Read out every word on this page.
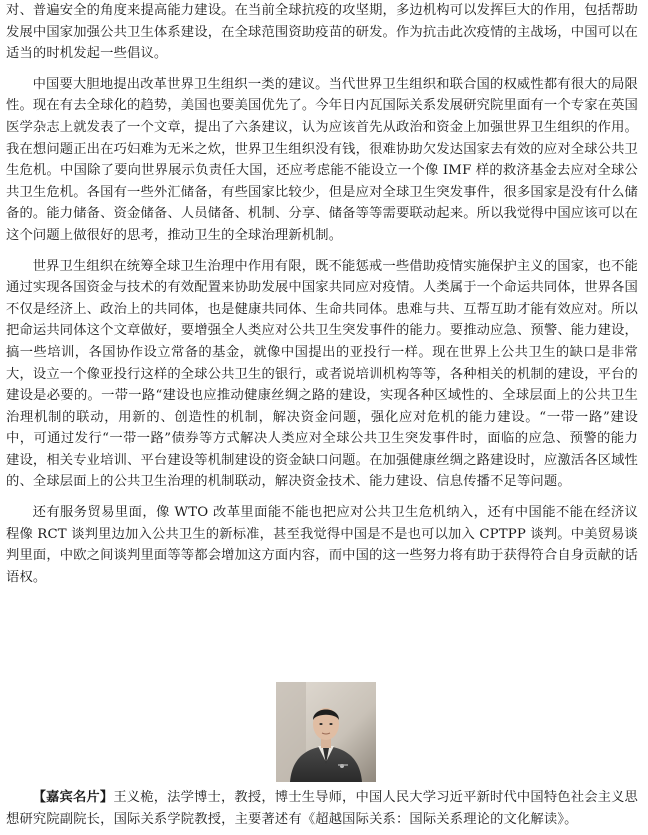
对、普遍安全的角度来提高能力建设。在当前全球抗疫的攻坚期，多边机构可以发挥巨大的作用，包括帮助发展中国家加强公共卫生体系建设，在全球范围资助疫苗的研发。作为抗击此次疫情的主战场，中国可以在适当的时机发起一些倡议。

中国要大胆地提出改革世界卫生组织一类的建议。当代世界卫生组织和联合国的权威性都有很大的局限性。现在有去全球化的趋势，美国也要美国优先了。今年日内瓦国际关系发展研究院里面有一个专家在英国医学杂志上就发表了一个文章，提出了六条建议，认为应该首先从政治和资金上加强世界卫生组织的作用。我在想问题正出在巧妇难为无米之炊，世界卫生组织没有钱，很难协助欠发达国家去有效的应对全球公共卫生危机。中国除了要向世界展示负责任大国，还应考虑能不能设立一个像 IMF 样的救济基金去应对全球公共卫生危机。各国有一些外汇储备，有些国家比较少，但是应对全球卫生突发事件，很多国家是没有什么储备的。能力储备、资金储备、人员储备、机制、分享、储备等等需要联动起来。所以我觉得中国应该可以在这个问题上做很好的思考，推动卫生的全球治理新机制。

世界卫生组织在统筹全球卫生治理中作用有限，既不能惩戒一些借助疫情实施保护主义的国家，也不能通过实现各国资金与技术的有效配置来协助发展中国家共同应对疫情。人类属于一个命运共同体，世界各国不仅是经济上、政治上的共同体，也是健康共同体、生命共同体。患难与共、互帮互助才能有效应对。所以把命运共同体这个文章做好，要增强全人类应对公共卫生突发事件的能力。要推动应急、预警、能力建设，搞一些培训，各国协作设立常备的基金，就像中国提出的亚投行一样。现在世界上公共卫生的缺口是非常大，设立一个像亚投行这样的全球公共卫生的银行，或者说培训机构等等，各种相关的机制的建设，平台的建设是必要的。一带一路“建设也应推动健康丝绸之路的建设，实现各种区域性的、全球层面上的公共卫生治理机制的联动，用新的、创造性的机制，解决资金问题，强化应对危机的能力建设。“一带一路”建设中，可通过发行“一带一路”债券等方式解决人类应对全球公共卫生突发事件时，面临的应急、预警的能力建设，相关专业培训、平台建设等机制建设的资金缺口问题。在加强健康丝绸之路建设时，应激活各区域性的、全球层面上的公共卫生治理的机制联动，解决资金技术、能力建设、信息传播不足等问题。

还有服务贸易里面，像 WTO 改革里面能不能也把应对公共卫生危机纳入，还有中国能不能在经济议程像 RCT 谈判里边加入公共卫生的新标准，甚至我觉得中国是不是也可以加入 CPTPP 谈判。中美贸易谈判里面，中欧之间谈判里面等等都会增加这方面内容，而中国的这一些努力将有助于获得符合自身贡献的话语权。

【嘉宾名片】王义桅，法学博士，教授，博士生导师，中国人民大学习近平新时代中国特色社会主义思想研究院副院长，国际关系学院教授，主要著述有《超越国际关系：国际关系理论的文化解读》。
